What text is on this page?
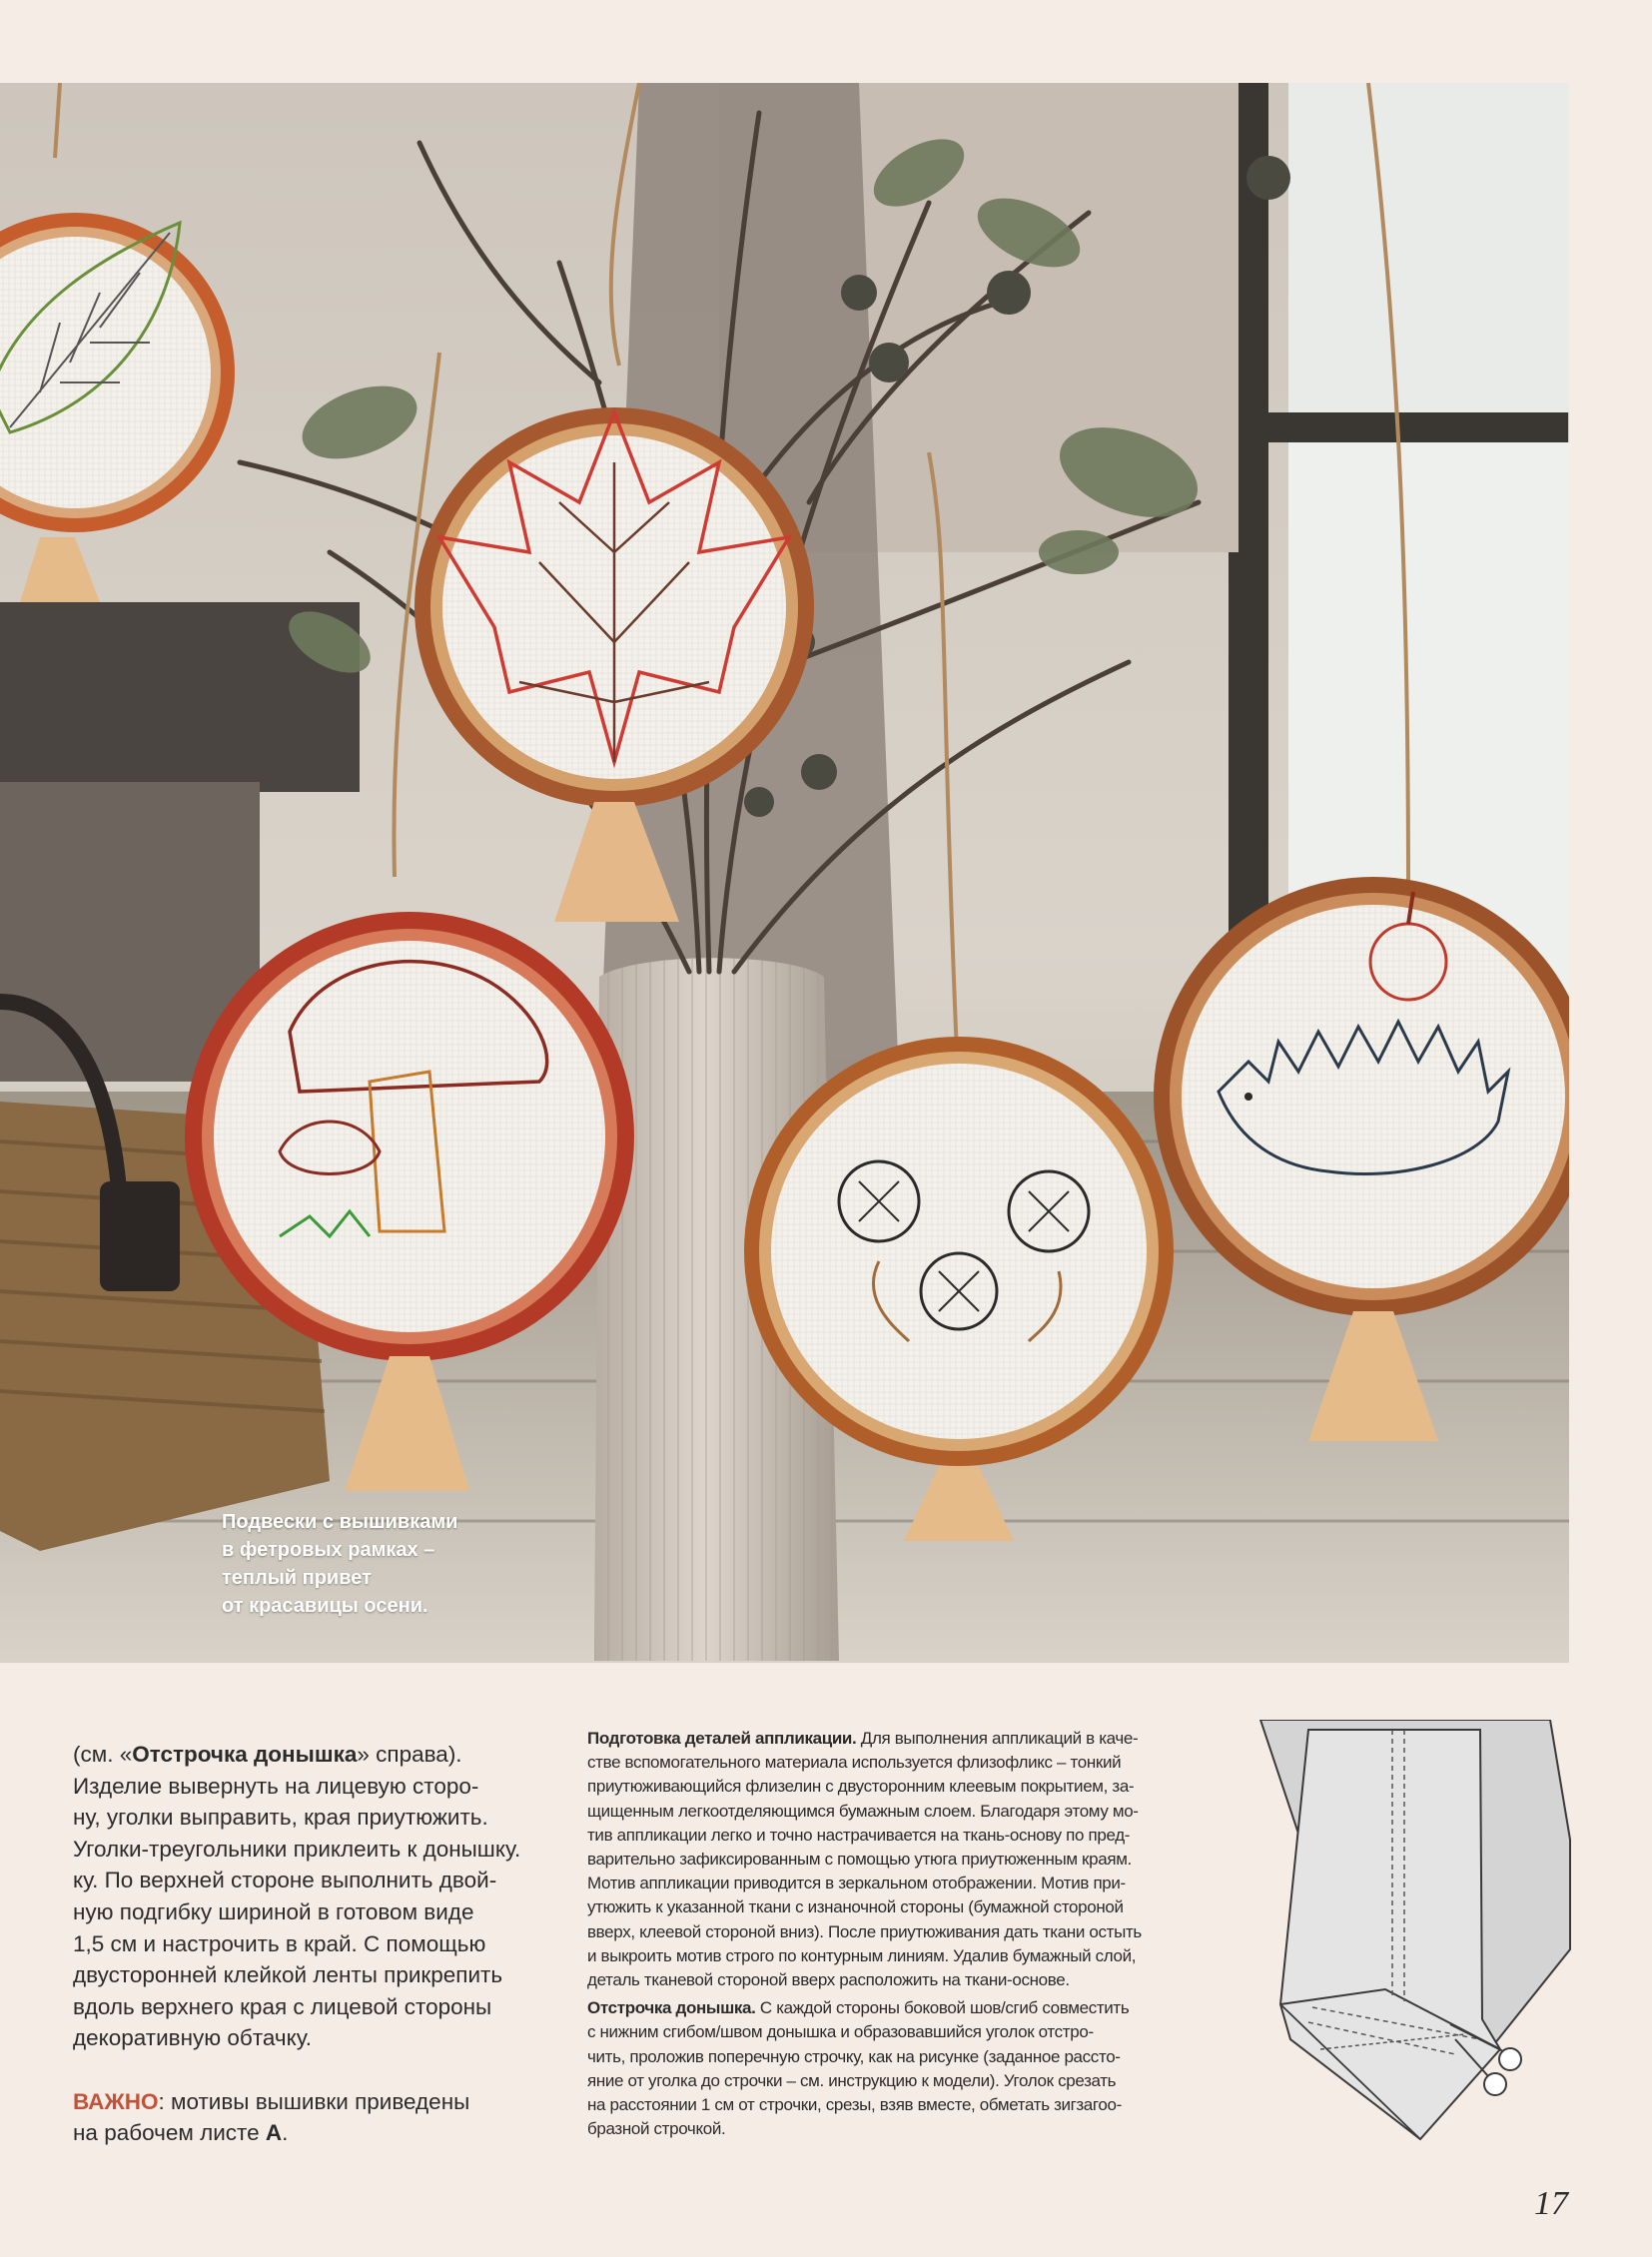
Подвески с вышивками
в фетровых рамках –
теплый привет
от красавицы осени.

(см. «Отстрочка донышка» справа).

Изделие вывернуть на лицевую сторо-

ну, уголки выправить, края приутюжить.

Уголки-треугольники приклеить к донышку.

ку. По верхней стороне выполнить двой-

ную подгибку шириной в готовом виде

1,5 см и настрочить в край. С помощью

двусторонней клейкой ленты прикрепить

вдоль верхнего края с лицевой стороны

декоративную обтачку.

ВАЖНО: мотивы вышивки приведены

на рабочем листе А.

Подготовка деталей аппликации. Для выполнения аппликаций в каче-

стве вспомогательного материала используется флизофликс – тонкий

приутюживающийся флизелин с двусторонним клеевым покрытием, за-

щищенным легкоотделяющимся бумажным слоем. Благодаря этому мо-

тив аппликации легко и точно настрачивается на ткань-основу по пред-

варительно зафиксированным с помощью утюга приутюженным краям.

Мотив аппликации приводится в зеркальном отображении. Мотив при-

утюжить к указанной ткани с изнаночной стороны (бумажной стороной

вверх, клеевой стороной вниз). После приутюживания дать ткани остыть

и выкроить мотив строго по контурным линиям. Удалив бумажный слой,

деталь тканевой стороной вверх расположить на ткани-основе.

Отстрочка донышка. С каждой стороны боковой шов/сгиб совместить

с нижним сгибом/швом донышка и образовавшийся уголок отстро-

чить, проложив поперечную строчку, как на рисунке (заданное рассто-

яние от уголка до строчки – см. инструкцию к модели). Уголок срезать

на расстоянии 1 см от строчки, срезы, взяв вместе, обметать зигзагоо-

бразной строчкой.

17
